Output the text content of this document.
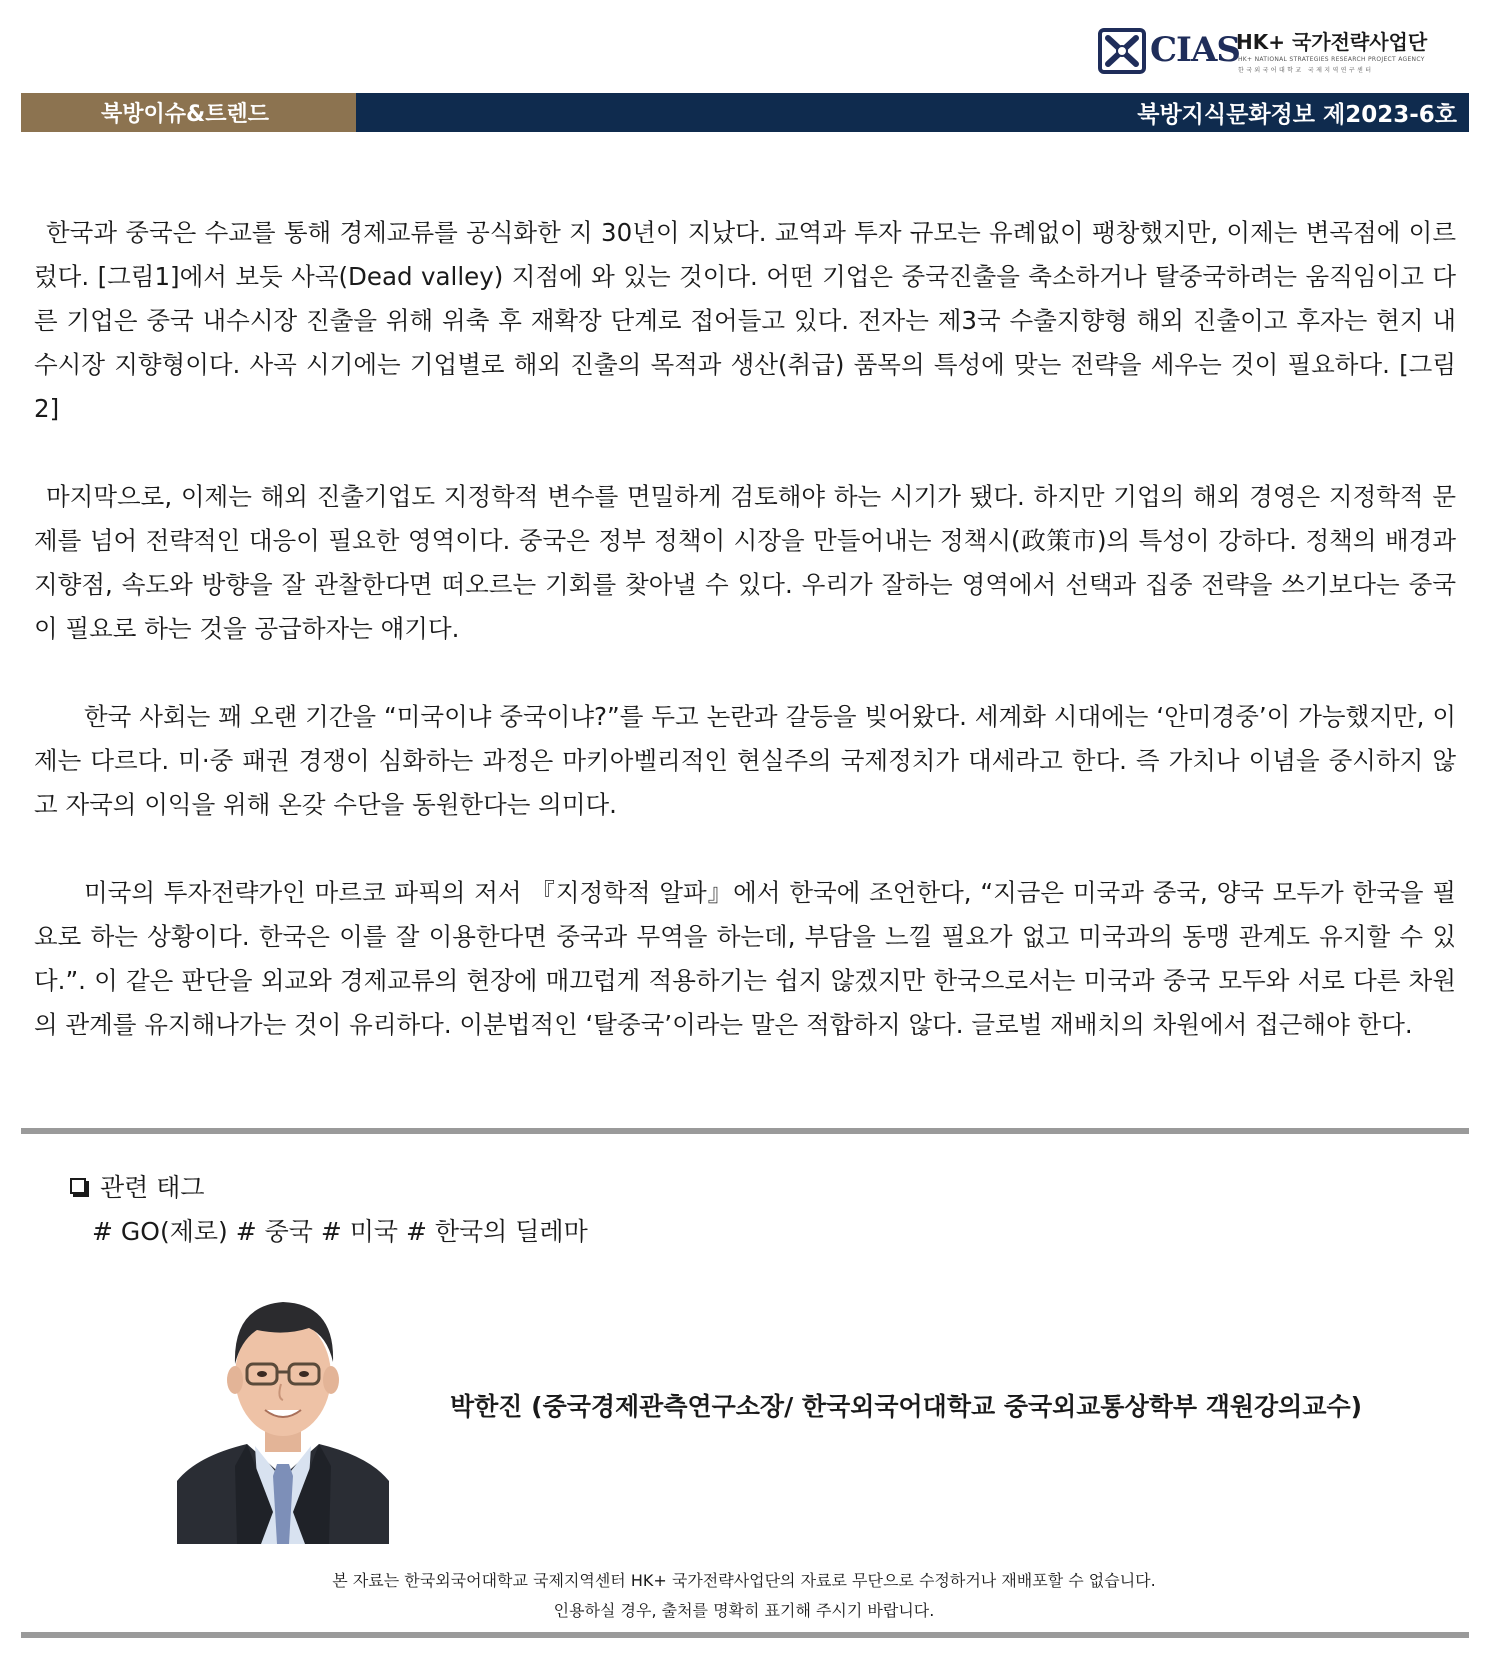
CIAS
HK+ 국가전략사업단
HK+ NATIONAL STRATEGIES RESEARCH PROJECT AGENCY
한국외국어대학교 국제지역연구센터
북방이슈&트렌드	북방지식문화정보 제2023-6호

한국과 중국은 수교를 통해 경제교류를 공식화한 지 30년이 지났다. 교역과 투자 규모는 유례없이 팽창했지만, 이제는 변곡점에 이르렀다. [그림1]에서 보듯 사곡(Dead valley) 지점에 와 있는 것이다. 어떤 기업은 중국진출을 축소하거나 탈중국하려는 움직임이고 다른 기업은 중국 내수시장 진출을 위해 위축 후 재확장 단계로 접어들고 있다. 전자는 제3국 수출지향형 해외 진출이고 후자는 현지 내수시장 지향형이다. 사곡 시기에는 기업별로 해외 진출의 목적과 생산(취급) 품목의 특성에 맞는 전략을 세우는 것이 필요하다. [그림2]

마지막으로, 이제는 해외 진출기업도 지정학적 변수를 면밀하게 검토해야 하는 시기가 됐다. 하지만 기업의 해외 경영은 지정학적 문제를 넘어 전략적인 대응이 필요한 영역이다. 중국은 정부 정책이 시장을 만들어내는 정책시(政策市)의 특성이 강하다. 정책의 배경과 지향점, 속도와 방향을 잘 관찰한다면 떠오르는 기회를 찾아낼 수 있다. 우리가 잘하는 영역에서 선택과 집중 전략을 쓰기보다는 중국이 필요로 하는 것을 공급하자는 얘기다.

한국 사회는 꽤 오랜 기간을 “미국이냐 중국이냐?”를 두고 논란과 갈등을 빚어왔다. 세계화 시대에는 ‘안미경중’이 가능했지만, 이제는 다르다. 미·중 패권 경쟁이 심화하는 과정은 마키아벨리적인 현실주의 국제정치가 대세라고 한다. 즉 가치나 이념을 중시하지 않고 자국의 이익을 위해 온갖 수단을 동원한다는 의미다.

미국의 투자전략가인 마르코 파픽의 저서 『지정학적 알파』에서 한국에 조언한다, “지금은 미국과 중국, 양국 모두가 한국을 필요로 하는 상황이다. 한국은 이를 잘 이용한다면 중국과 무역을 하는데, 부담을 느낄 필요가 없고 미국과의 동맹 관계도 유지할 수 있다.”. 이 같은 판단을 외교와 경제교류의 현장에 매끄럽게 적용하기는 쉽지 않겠지만 한국으로서는 미국과 중국 모두와 서로 다른 차원의 관계를 유지해나가는 것이 유리하다. 이분법적인 ‘탈중국’이라는 말은 적합하지 않다. 글로벌 재배치의 차원에서 접근해야 한다.

관련 태그
# GO(제로) # 중국 # 미국 # 한국의 딜레마
박한진 (중국경제관측연구소장/ 한국외국어대학교 중국외교통상학부 객원강의교수)
본 자료는 한국외국어대학교 국제지역센터 HK+ 국가전략사업단의 자료로 무단으로 수정하거나 재배포할 수 없습니다.
인용하실 경우, 출처를 명확히 표기해 주시기 바랍니다.
